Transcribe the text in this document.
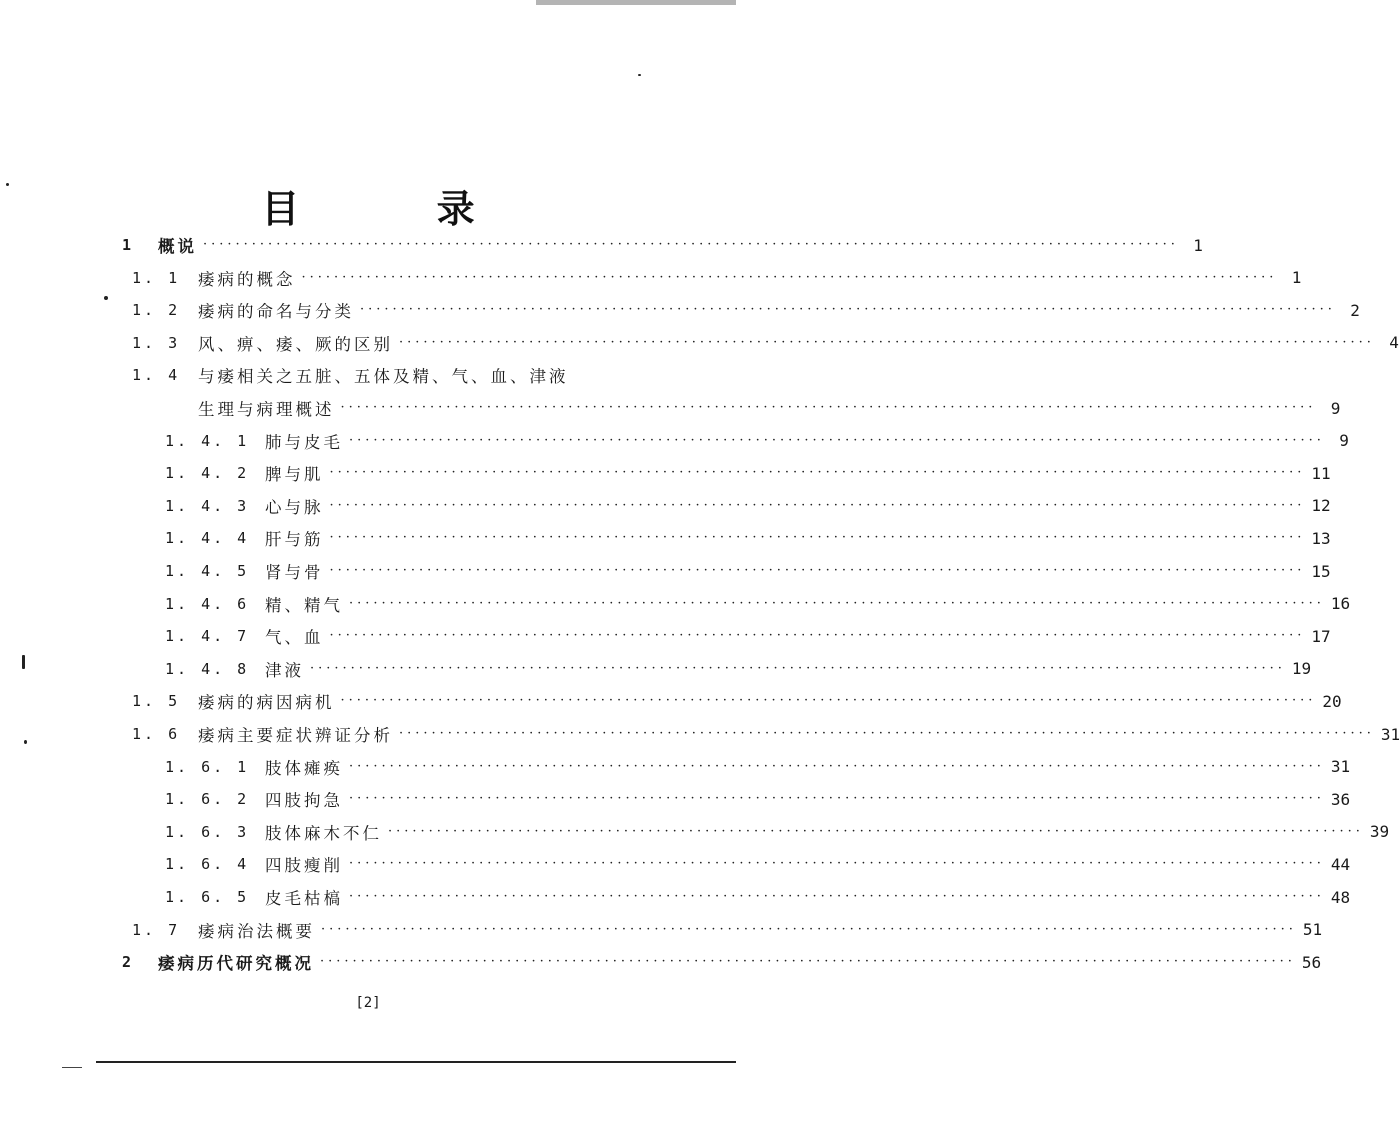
目 录
1	概说 ························································································································ 1
1. 1	痿病的概念 ························································································································ 1
1. 2	痿病的命名与分类 ························································································································ 2
1. 3	风、痹、痿、厥的区别 ························································································································ 4
1. 4	与痿相关之五脏、五体及精、气、血、津液
生理与病理概述 ························································································································ 9
1. 4. 1 肺与皮毛 ························································································································ 9
1. 4. 2 脾与肌 ························································································································ 11
1. 4. 3 心与脉 ························································································································ 12
1. 4. 4 肝与筋 ························································································································ 13
1. 4. 5 肾与骨 ························································································································ 15
1. 4. 6 精、精气 ························································································································ 16
1. 4. 7 气、血 ························································································································ 17
1. 4. 8 津液 ························································································································ 19
1. 5	痿病的病因病机 ························································································································ 20
1. 6	痿病主要症状辨证分析 ························································································································ 31
1. 6. 1 肢体瘫痪 ························································································································ 31
1. 6. 2 四肢拘急 ························································································································ 36
1. 6. 3 肢体麻木不仁 ························································································································ 39
1. 6. 4 四肢瘦削 ························································································································ 44
1. 6. 5 皮毛枯槁 ························································································································ 48
1. 7	痿病治法概要 ························································································································ 51
2	痿病历代研究概况 ························································································································ 56
[2]
